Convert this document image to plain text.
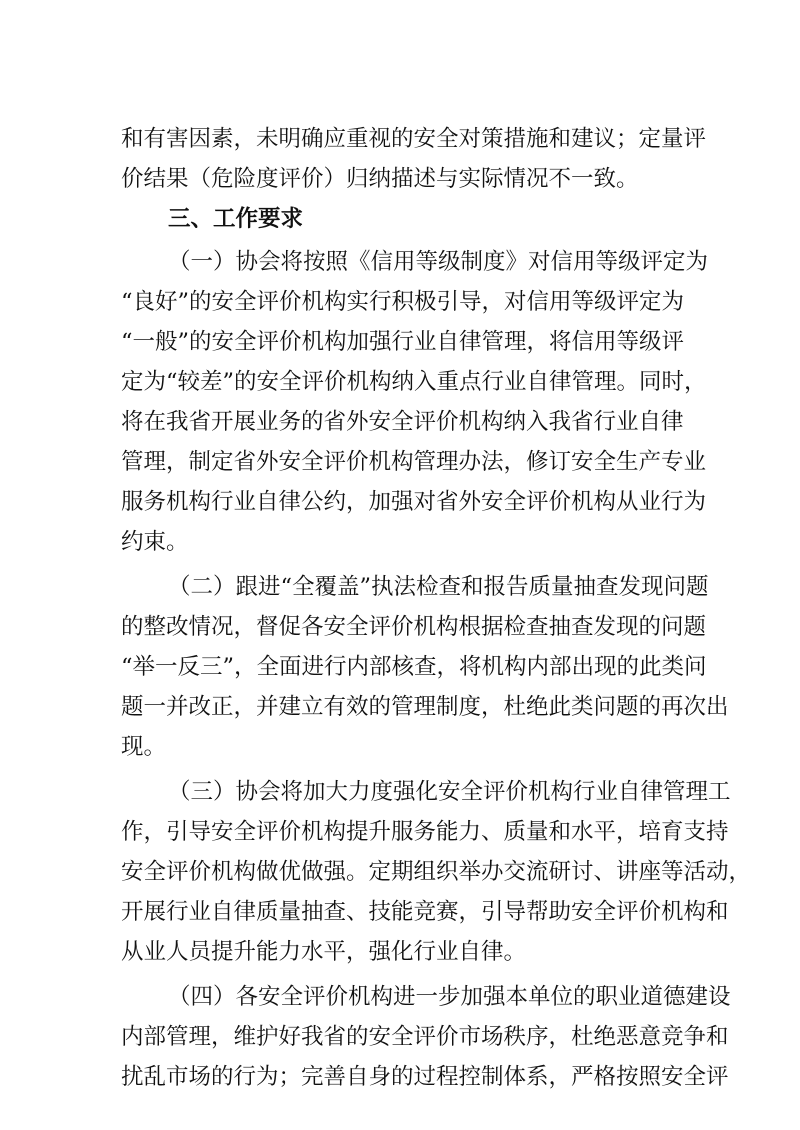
和有害因素，未明确应重视的安全对策措施和建议；定量评
价结果（危险度评价）归纳描述与实际情况不一致。
三、工作要求
（一）协会将按照《信用等级制度》对信用等级评定为
“良好”的安全评价机构实行积极引导，对信用等级评定为
“一般”的安全评价机构加强行业自律管理，将信用等级评
定为“较差”的安全评价机构纳入重点行业自律管理。同时，
将在我省开展业务的省外安全评价机构纳入我省行业自律
管理，制定省外安全评价机构管理办法，修订安全生产专业
服务机构行业自律公约，加强对省外安全评价机构从业行为
约束。
（二）跟进“全覆盖”执法检查和报告质量抽查发现问题
的整改情况，督促各安全评价机构根据检查抽查发现的问题
“举一反三”，全面进行内部核查，将机构内部出现的此类问
题一并改正，并建立有效的管理制度，杜绝此类问题的再次出
现。
（三）协会将加大力度强化安全评价机构行业自律管理工
作，引导安全评价机构提升服务能力、质量和水平，培育支持
安全评价机构做优做强。定期组织举办交流研讨、讲座等活动，
开展行业自律质量抽查、技能竞赛，引导帮助安全评价机构和
从业人员提升能力水平，强化行业自律。
（四）各安全评价机构进一步加强本单位的职业道德建设
内部管理，维护好我省的安全评价市场秩序，杜绝恶意竞争和
扰乱市场的行为；完善自身的过程控制体系，严格按照安全评
